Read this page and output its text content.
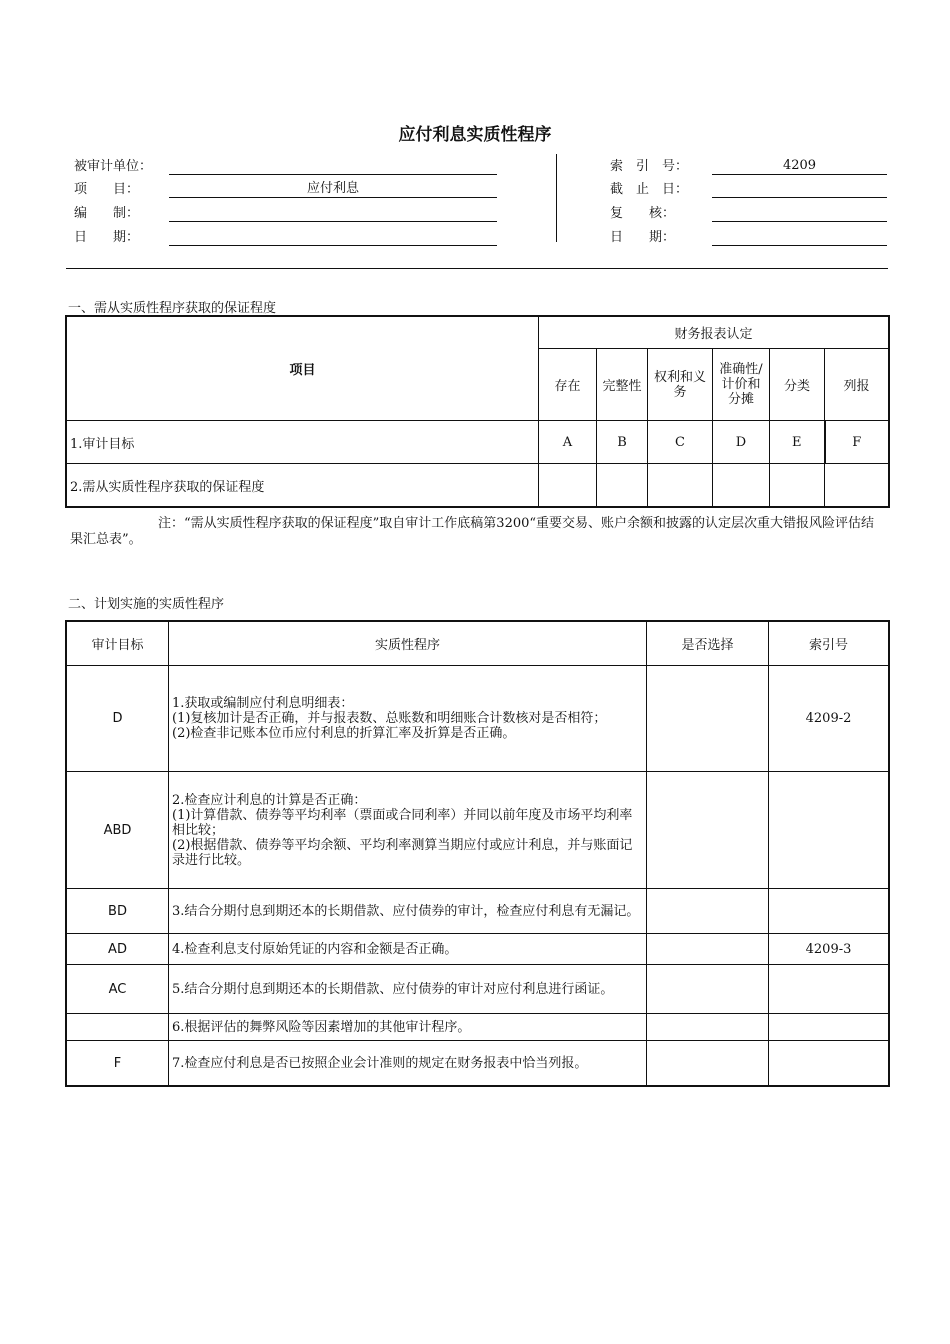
应付利息实质性程序
被审计单位：
项　　目：	应付利息
编　　制：
日　　期：
索　引　号：	4209
截　止　日：
复　　核：
日　　期：
一、需从实质性程序获取的保证程度
项目	财务报表认定					
	存在	完整性	权利和义务	准确性/计价和分摊	分类	列报
1.审计目标	A	B	C	D	E	F
2.需从实质性程序获取的保证程度						
注：“需从实质性程序获取的保证程度”取自审计工作底稿第3200“重要交易、账户余额和披露的认定层次重大错报风险评估结果汇总表”。
二、计划实施的实质性程序
审计目标	实质性程序	是否选择	索引号
D	1.获取或编制应付利息明细表：
(1)复核加计是否正确，并与报表数、总账数和明细账合计数核对是否相符；
(2)检查非记账本位币应付利息的折算汇率及折算是否正确。		4209-2
ABD	2.检查应计利息的计算是否正确：
(1)计算借款、债券等平均利率（票面或合同利率）并同以前年度及市场平均利率相比较；
(2)根据借款、债券等平均余额、平均利率测算当期应付或应计利息，并与账面记录进行比较。		

BD	3.结合分期付息到期还本的长期借款、应付债券的审计，检查应付利息有无漏记。		

AD	4.检查利息支付原始凭证的内容和金额是否正确。		4209-3
AC	5.结合分期付息到期还本的长期借款、应付债券的审计对应付利息进行函证。		

	6.根据评估的舞弊风险等因素增加的其他审计程序。		

F	7.检查应付利息是否已按照企业会计准则的规定在财务报表中恰当列报。		
